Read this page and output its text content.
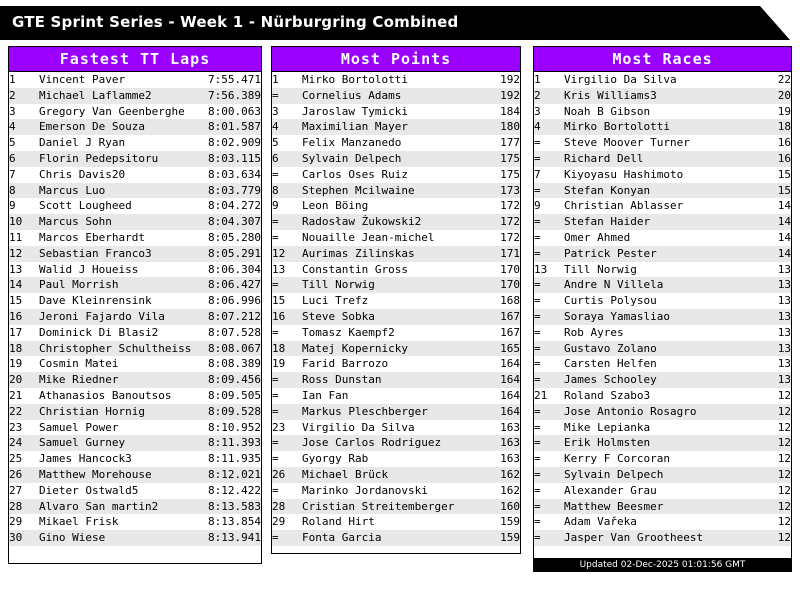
GTE Sprint Series - Week 1 - Nürburgring Combined
Fastest TT Laps
1	Vincent Paver	7:55.471
2	Michael Laflamme2	7:56.389
3	Gregory Van Geenberghe	8:00.063
4	Emerson De Souza	8:01.587
5	Daniel J Ryan	8:02.909
6	Florin Pedepsitoru	8:03.115
7	Chris Davis20	8:03.634
8	Marcus Luo	8:03.779
9	Scott Lougheed	8:04.272
10	Marcus Sohn	8:04.307
11	Marcos Eberhardt	8:05.280
12	Sebastian Franco3	8:05.291
13	Walid J Houeiss	8:06.304
14	Paul Morrish	8:06.427
15	Dave Kleinrensink	8:06.996
16	Jeroni Fajardo Vila	8:07.212
17	Dominick Di Blasi2	8:07.528
18	Christopher Schultheiss	8:08.067
19	Cosmin Matei	8:08.389
20	Mike Riedner	8:09.456
21	Athanasios Banoutsos	8:09.505
22	Christian Hornig	8:09.528
23	Samuel Power	8:10.952
24	Samuel Gurney	8:11.393
25	James Hancock3	8:11.935
26	Matthew Morehouse	8:12.021
27	Dieter Ostwald5	8:12.422
28	Alvaro San martin2	8:13.583
29	Mikael Frisk	8:13.854
30	Gino Wiese	8:13.941
Most Points
1	Mirko Bortolotti	192
=	Cornelius Adams	192
3	Jaroslaw Tymicki	184
4	Maximilian Mayer	180
5	Felix Manzanedo	177
6	Sylvain Delpech	175
=	Carlos Oses Ruiz	175
8	Stephen Mcilwaine	173
9	Leon Böing	172
=	Radosław Żukowski2	172
=	Nouaille Jean-michel	172
12	Aurimas Zilinskas	171
13	Constantin Gross	170
=	Till Norwig	170
15	Luci Trefz	168
16	Steve Sobka	167
=	Tomasz Kaempf2	167
18	Matej Kopernicky	165
19	Farid Barrozo	164
=	Ross Dunstan	164
=	Ian Fan	164
=	Markus Pleschberger	164
23	Virgilio Da Silva	163
=	Jose Carlos Rodriguez	163
=	Gyorgy Rab	163
26	Michael Brück	162
=	Marinko Jordanovski	162
28	Cristian Streitemberger	160
29	Roland Hirt	159
=	Fonta Garcia	159
Most Races
1	Virgilio Da Silva	22
2	Kris Williams3	20
3	Noah B Gibson	19
4	Mirko Bortolotti	18
=	Steve Moover Turner	16
=	Richard Dell	16
7	Kiyoyasu Hashimoto	15
=	Stefan Konyan	15
9	Christian Ablasser	14
=	Stefan Haider	14
=	Omer Ahmed	14
=	Patrick Pester	14
13	Till Norwig	13
=	Andre N Villela	13
=	Curtis Polysou	13
=	Soraya Yamasliao	13
=	Rob Ayres	13
=	Gustavo Zolano	13
=	Carsten Helfen	13
=	James Schooley	13
21	Roland Szabo3	12
=	Jose Antonio Rosagro	12
=	Mike Lepianka	12
=	Erik Holmsten	12
=	Kerry F Corcoran	12
=	Sylvain Delpech	12
=	Alexander Grau	12
=	Matthew Beesmer	12
=	Adam Vařeka	12
=	Jasper Van Grootheest	12
Updated 02-Dec-2025 01:01:56 GMT
